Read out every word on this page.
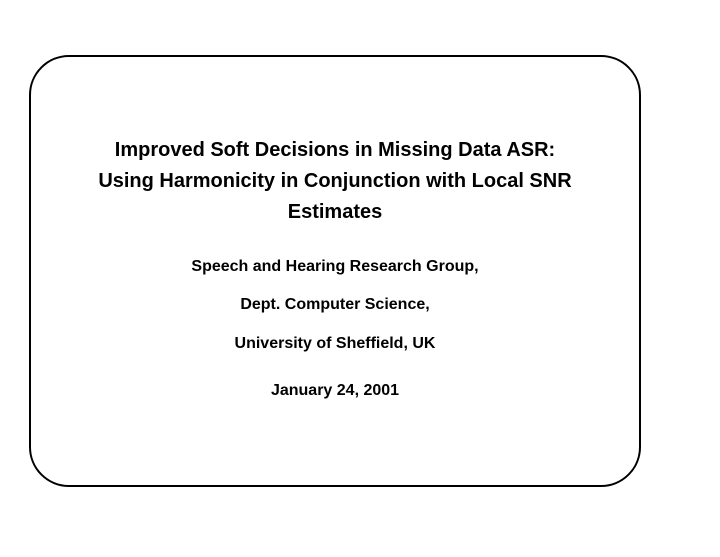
Improved Soft Decisions in Missing Data ASR:
Using Harmonicity in Conjunction with Local SNR
Estimates
Speech and Hearing Research Group,
Dept. Computer Science,
University of Sheffield, UK
January 24, 2001
